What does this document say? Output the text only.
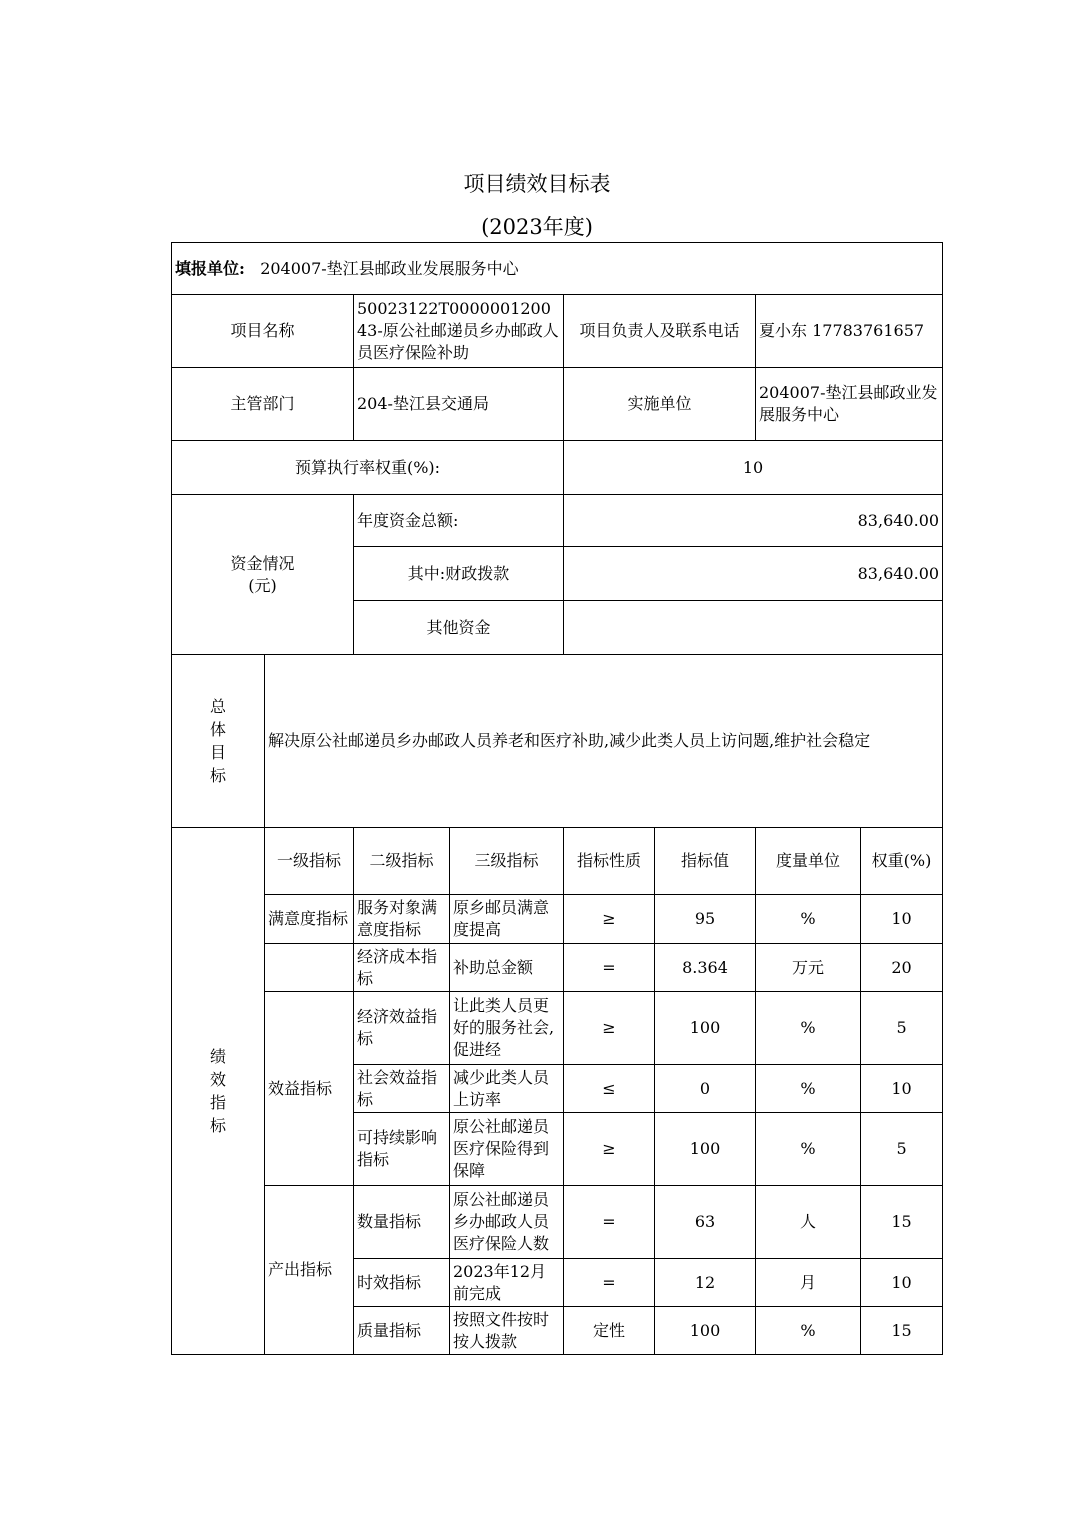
项目绩效目标表
(2023年度)
填报单位: 204007-垫江县邮政业发展服务中心							
项目名称		50023122T000000120043-原公社邮递员乡办邮政人员医疗保险补助		项目负责人及联系电话		夏小东 17783761657	
主管部门		204-垫江县交通局		实施单位		204007-垫江县邮政业发展服务中心	
预算执行率权重(%):				10			
资金情况
(元)		年度资金总额:		83,640.00			
		其中:财政拨款		83,640.00			
		其他资金					

总
体
目
标	解决原公社邮递员乡办邮政人员养老和医疗补助,减少此类人员上访问题,维护社会稳定						

绩
效
指
标	一级指标	二级指标	三级指标	指标性质	指标值	度量单位	权重(%)
	满意度指标	服务对象满意度指标	原乡邮员满意度提高	≥	95	%	10
		经济成本指标	补助总金额	=	8.364	万元	20
	效益指标	经济效益指标	让此类人员更好的服务社会,促进经	≥	100	%	5
		社会效益指标	减少此类人员上访率	≤	0	%	10
		可持续影响指标	原公社邮递员医疗保险得到保障	≥	100	%	5
	产出指标	数量指标	原公社邮递员乡办邮政人员医疗保险人数	=	63	人	15
		时效指标	2023年12月前完成	=	12	月	10
		质量指标	按照文件按时按人拨款	定性	100	%	15
